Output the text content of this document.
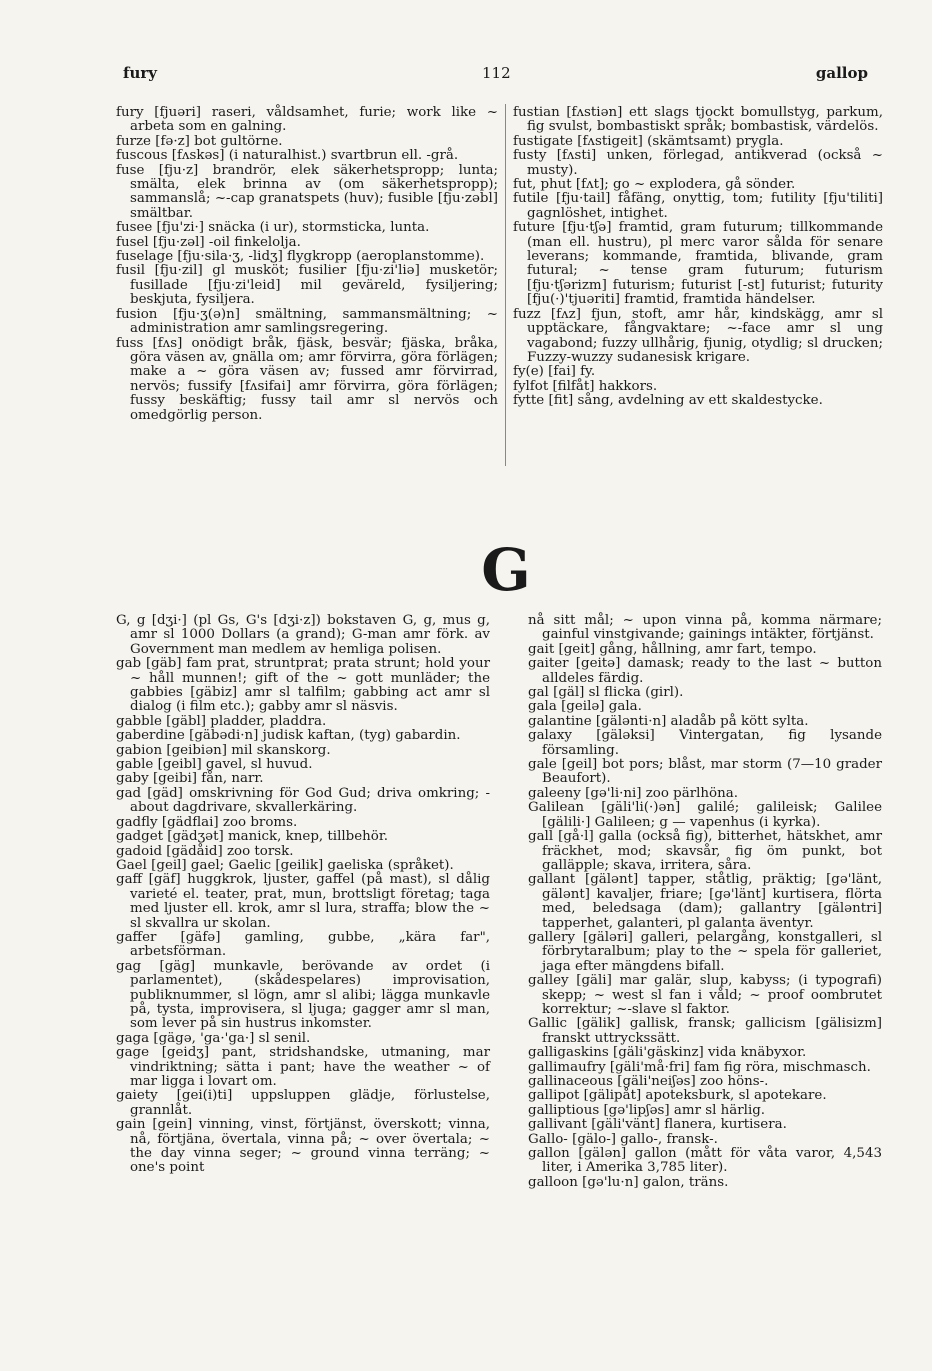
fury	112	gallop

fury [fjuəri] raseri, våldsamhet, furie; work like ~ arbeta som en galning.

furze [fə·z] bot gultörne.

fuscous [fʌskəs] (i naturalhist.) svartbrun ell. -grå.

fuse [fju·z] brandrör, elek säkerhetspropp; lunta; smälta, elek brinna av (om säkerhetspropp); sammanslå; ~-cap granatspets (huv); fusible [fju·zəbl] smältbar.

fusee [fju'zi·] snäcka (i ur), stormsticka, lunta.

fusel [fju·zəl] -oil finkelolja.

fuselage [fju·sila·ʒ, -lidʒ] flygkropp (aeroplanstomme).

fusil [fju·zil] gl musköt; fusilier [fju·zi'liə] musketör; fusillade [fju·zi'leid] mil geväreld, fysiljering; beskjuta, fysiljera.

fusion [fju·ʒ(ə)n] smältning, sammansmältning; ~ administration amr samlingsregering.

fuss [fʌs] onödigt bråk, fjäsk, besvär; fjäska, bråka, göra väsen av, gnälla om; amr förvirra, göra förlägen; make a ~ göra väsen av; fussed amr förvirrad, nervös; fussify [fʌsifai] amr förvirra, göra förlägen; fussy beskäftig; fussy tail amr sl nervös och omedgörlig person.

fustian [fʌstiən] ett slags tjockt bomullstyg, parkum, fig svulst, bombastiskt språk; bombastisk, värdelös.

fustigate [fʌstigeit] (skämtsamt) prygla.

fusty [fʌsti] unken, förlegad, antikverad (också ~ musty).

fut, phut [fʌt]; go ~ explodera, gå sönder.

futile [fju·tail] fåfäng, onyttig, tom; futility [fju'tiliti] gagnlöshet, intighet.

future [fju·tʃə] framtid, gram futurum; tillkommande (man ell. hustru), pl merc varor sålda för senare leverans; kommande, framtida, blivande, gram futural; ~ tense gram futurum; futurism [fju·tʃərizm] futurism; futurist [-st] futurist; futurity [fju(·)'tjuəriti] framtid, framtida händelser.

fuzz [fʌz] fjun, stoft, amr hår, kindskägg, amr sl upptäckare, fångvaktare; ~-face amr sl ung vagabond; fuzzy ullhårig, fjunig, otydlig; sl drucken; Fuzzy-wuzzy sudanesisk krigare.

fy(e) [fai] fy.

fylfot [filfåt] hakkors.

fytte [fit] sång, avdelning av ett skaldestycke.

G

G, g [dʒi·] (pl Gs, G's [dʒi·z]) bokstaven G, g, mus g, amr sl 1000 Dollars (a grand); G-man amr förk. av Government man medlem av hemliga polisen.

gab [gäb] fam prat, struntprat; prata strunt; hold your ~ håll munnen!; gift of the ~ gott munläder; the gabbies [gäbiz] amr sl talfilm; gabbing act amr sl dialog (i film etc.); gabby amr sl näsvis.

gabble [gäbl] pladder, pladdra.

gaberdine [gäbədi·n] judisk kaftan, (tyg) gabardin.

gabion [geibiən] mil skanskorg.

gable [geibl] gavel, sl huvud.

gaby [geibi] fån, narr.

gad [gäd] omskrivning för God Gud; driva omkring; -about dagdrivare, skvallerkäring.

gadfly [gädflai] zoo broms.

gadget [gädʒət] manick, knep, tillbehör.

gadoid [gädåid] zoo torsk.

Gael [geil] gael; Gaelic [geilik] gaeliska (språket).

gaff [gäf] huggkrok, ljuster, gaffel (på mast), sl dålig varieté el. teater, prat, mun, brottsligt företag; taga med ljuster ell. krok, amr sl lura, straffa; blow the ~ sl skvallra ur skolan.

gaffer [gäfə] gamling, gubbe, „kära far", arbetsförman.

gag [gäg] munkavle, berövande av ordet (i parlamentet), (skådespelares) improvisation, publiknummer, sl lögn, amr sl alibi; lägga munkavle på, tysta, improvisera, sl ljuga; gagger amr sl man, som lever på sin hustrus inkomster.

gaga [gägə, 'ga·'ga·] sl senil.

gage [geidʒ] pant, stridshandske, utmaning, mar vindriktning; sätta i pant; have the weather ~ of mar ligga i lovart om.

gaiety [gei(i)ti] uppsluppen glädje, förlustelse, grannlåt.

gain [gein] vinning, vinst, förtjänst, överskott; vinna, nå, förtjäna, övertala, vinna på; ~ over övertala; ~ the day vinna seger; ~ ground vinna terräng; ~ one's point

nå sitt mål; ~ upon vinna på, komma närmare; gainful vinstgivande; gainings intäkter, förtjänst.

gait [geit] gång, hållning, amr fart, tempo.

gaiter [geitə] damask; ready to the last ~ button alldeles färdig.

gal [gäl] sl flicka (girl).

gala [geilə] gala.

galantine [gäləntі·n] aladåb på kött sylta.

galaxy [gäləksi] Vintergatan, fig lysande församling.

gale [geil] bot pors; blåst, mar storm (7—10 grader Beaufort).

galeeny [gə'li·ni] zoo pärlhöna.

Galilean [gäli'li(·)ən] galilé; galileisk; Galilee [gälili·] Galileen; g — vapenhus (i kyrka).

gall [gå·l] galla (också fig), bitterhet, hätskhet, amr fräckhet, mod; skavsår, fig öm punkt, bot galläpple; skava, irritera, såra.

gallant [gälənt] tapper, ståtlig, präktig; [gə'länt, gälənt] kavaljer, friare; [gə'länt] kurtisera, flörta med, beledsaga (dam); gallantry [gäləntri] tapperhet, galanteri, pl galanta äventyr.

gallery [gäləri] galleri, pelargång, konstgalleri, sl förbrytaralbum; play to the ~ spela för galleriet, jaga efter mängdens bifall.

galley [gäli] mar galär, slup, kabyss; (i typografi) skepp; ~ west sl fan i våld; ~ proof oombrutet korrektur; ~-slave sl faktor.

Gallic [gälik] gallisk, fransk; gallicism [gälisizm] franskt uttryckssätt.

galligaskins [gäli'gäskinz] vida knäbyxor.

gallimaufry [gäli'må·fri] fam fig röra, mischmasch.

gallinaceous [gäli'neiʃəs] zoo höns-.

gallipot [gälipåt] apoteksburk, sl apotekare.

galliptious [gə'lipʃəs] amr sl härlig.

gallivant [gäli'vänt] flanera, kurtisera.

Gallo- [gälo-] gallo-, fransk-.

gallon [gälən] gallon (mått för våta varor, 4,543 liter, i Amerika 3,785 liter).

galloon [gə'lu·n] galon, träns.
